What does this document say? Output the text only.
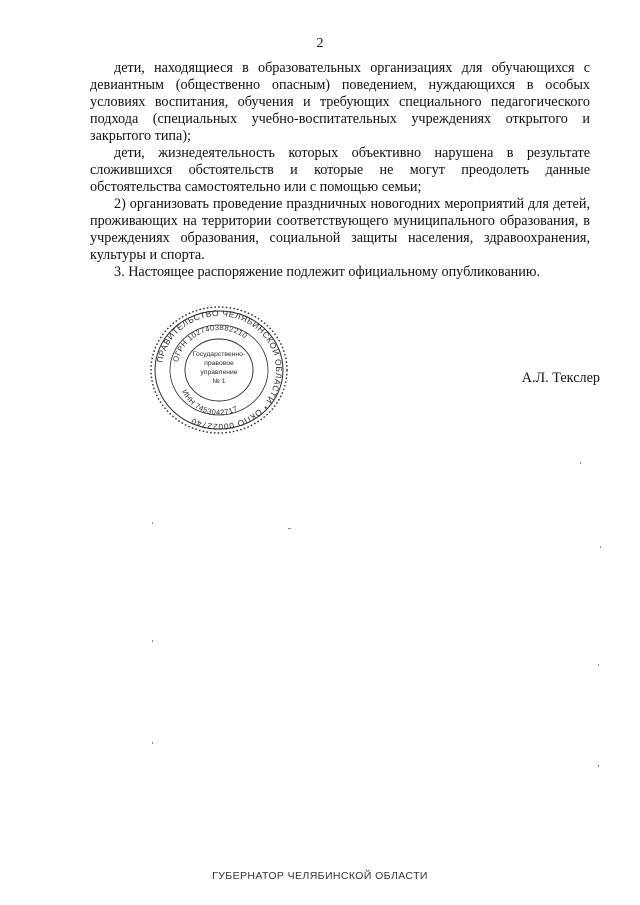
2

дети, находящиеся в образовательных организациях для обучающихся с девиантным (общественно опасным) поведением, нуждающихся в особых условиях воспитания, обучения и требующих специального педагогического подхода (специальных учебно-воспитательных учреждениях открытого и закрытого типа);

дети, жизнедеятельность которых объективно нарушена в результате сложившихся обстоятельств и которые не могут преодолеть данные обстоятельства самостоятельно или с помощью семьи;

2) организовать проведение праздничных новогодних мероприятий для детей, проживающих на территории соответствующего муниципального образования, в учреждениях образования, социальной защиты населения, здравоохранения, культуры и спорта.

3. Настоящее распоряжение подлежит официальному опубликованию.

ПРАВИТЕЛЬСТВО ЧЕЛЯБИНСКОЙ ОБЛАСТИ * ОКПО 00022740
ОГРН 1027403882210
ИНН 7453042717
Государственно-
правовое
управление
№ 1	А.Л. Текслер
ГУБЕРНАТОР ЧЕЛЯБИНСКОЙ ОБЛАСТИ
